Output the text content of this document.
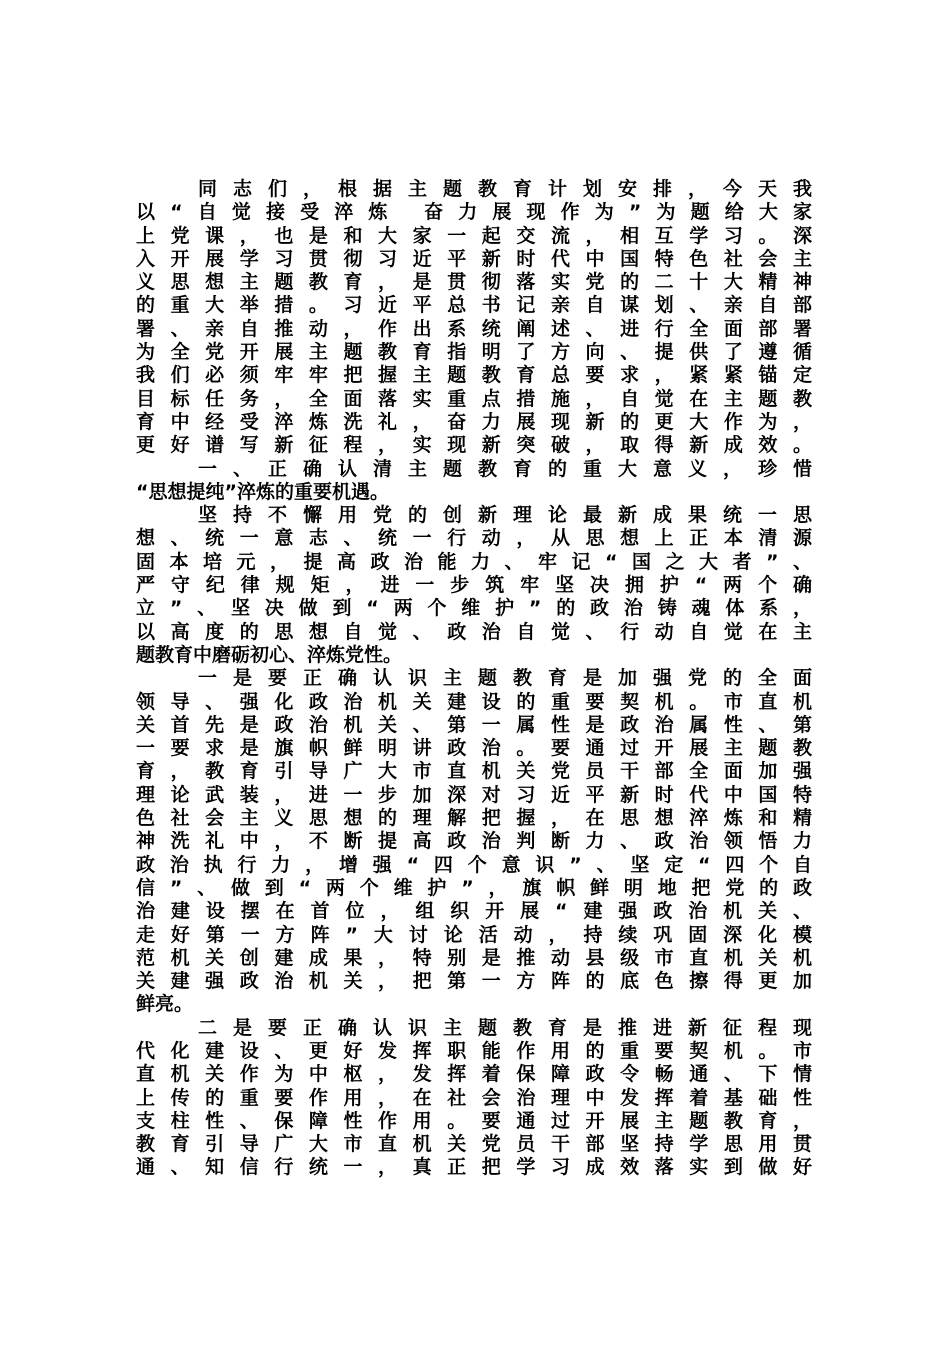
同志们，根据主题教育计划安排，今天我
以“自觉接受淬炼 奋力展现作为”为题给大家
上党课，也是和大家一起交流，相互学习。深
入开展学习贯彻习近平新时代中国特色社会主
义思想主题教育，是贯彻落实党的二十大精神
的重大举措。习近平总书记亲自谋划、亲自部
署、亲自推动，作出系统阐述、进行全面部署
为全党开展主题教育指明了方向、提供了遵循
我们必须牢牢把握主题教育总要求，紧紧锚定
目标任务，全面落实重点措施，自觉在主题教
育中经受淬炼洗礼，奋力展现新的更大作为，
更好谱写新征程，实现新突破，取得新成效。
一、正确认清主题教育的重大意义，珍惜
“思想提纯”淬炼的重要机遇。
坚持不懈用党的创新理论最新成果统一思
想、统一意志、统一行动，从思想上正本清源
固本培元，提高政治能力、牢记“国之大者”、
严守纪律规矩，进一步筑牢坚决拥护“两个确
立”、坚决做到“两个维护”的政治铸魂体系，
以高度的思想自觉、政治自觉、行动自觉在主
题教育中磨砺初心、淬炼党性。
一是要正确认识主题教育是加强党的全面
领导、强化政治机关建设的重要契机。市直机
关首先是政治机关、第一属性是政治属性、第
一要求是旗帜鲜明讲政治。要通过开展主题教
育，教育引导广大市直机关党员干部全面加强
理论武装，进一步加深对习近平新时代中国特
色社会主义思想的理解把握，在思想淬炼和精
神洗礼中，不断提高政治判断力、政治领悟力
政治执行力，增强“四个意识”、坚定“四个自
信”、做到“两个维护”，旗帜鲜明地把党的政
治建设摆在首位，组织开展“建强政治机关、
走好第一方阵”大讨论活动，持续巩固深化模
范机关创建成果，特别是推动县级市直机关机
关建强政治机关，把第一方阵的底色擦得更加
鲜亮。
二是要正确认识主题教育是推进新征程现
代化建设、更好发挥职能作用的重要契机。市
直机关作为中枢，发挥着保障政令畅通、下情
上传的重要作用，在社会治理中发挥着基础性
支柱性、保障性作用。要通过开展主题教育，
教育引导广大市直机关党员干部坚持学思用贯
通、知信行统一，真正把学习成效落实到做好
